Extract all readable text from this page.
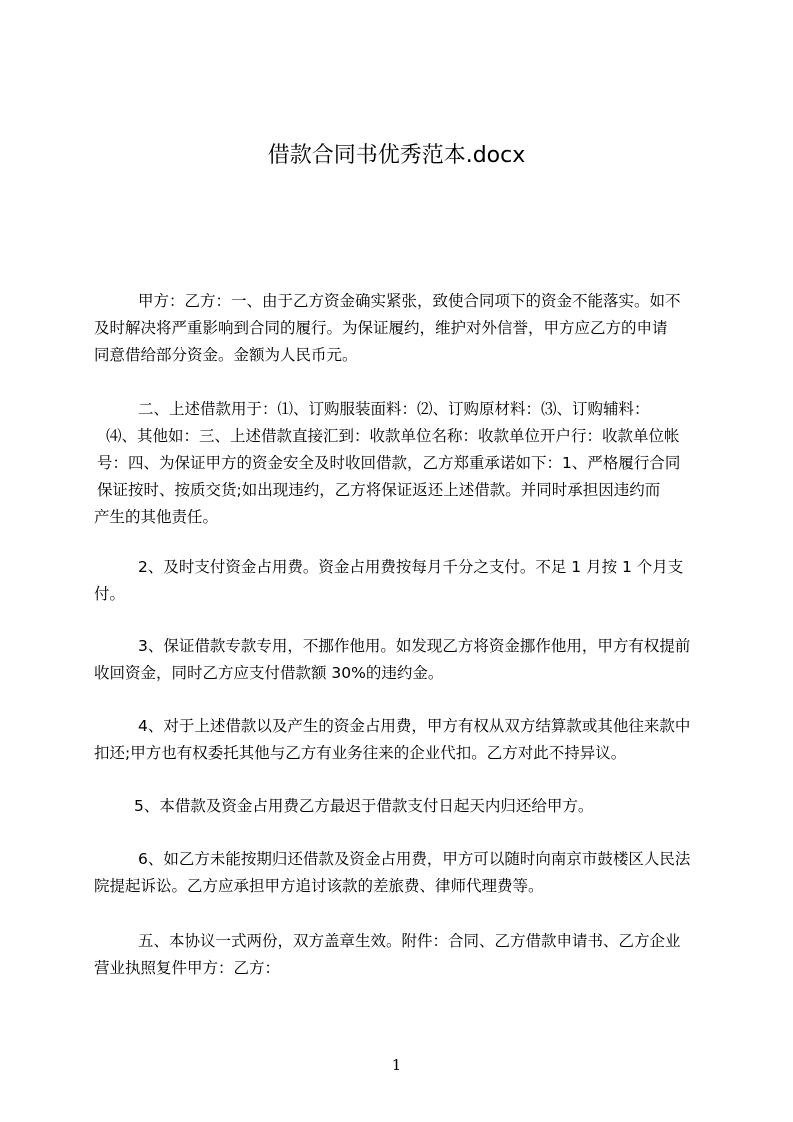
借款合同书优秀范本.docx
甲方：乙方：一、由于乙方资金确实紧张，致使合同项下的资金不能落实。如不
及时解决将严重影响到合同的履行。为保证履约，维护对外信誉，甲方应乙方的申请
同意借给部分资金。金额为人民币元。
二、上述借款用于：⑴、订购服装面料：⑵、订购原材料：⑶、订购辅料：
⑷、其他如：三、上述借款直接汇到：收款单位名称：收款单位开户行：收款单位帐
号：四、为保证甲方的资金安全及时收回借款，乙方郑重承诺如下：1、严格履行合同
保证按时、按质交货;如出现违约，乙方将保证返还上述借款。并同时承担因违约而
产生的其他责任。
2、及时支付资金占用费。资金占用费按每月千分之支付。不足 1 月按 1 个月支
付。
3、保证借款专款专用，不挪作他用。如发现乙方将资金挪作他用，甲方有权提前
收回资金，同时乙方应支付借款额 30%的违约金。
4、对于上述借款以及产生的资金占用费，甲方有权从双方结算款或其他往来款中
扣还;甲方也有权委托其他与乙方有业务往来的企业代扣。乙方对此不持异议。
5、本借款及资金占用费乙方最迟于借款支付日起天内归还给甲方。
6、如乙方未能按期归还借款及资金占用费，甲方可以随时向南京市鼓楼区人民法
院提起诉讼。乙方应承担甲方追讨该款的差旅费、律师代理费等。
五、本协议一式两份，双方盖章生效。附件：合同、乙方借款申请书、乙方企业
营业执照复件甲方：乙方：
1
